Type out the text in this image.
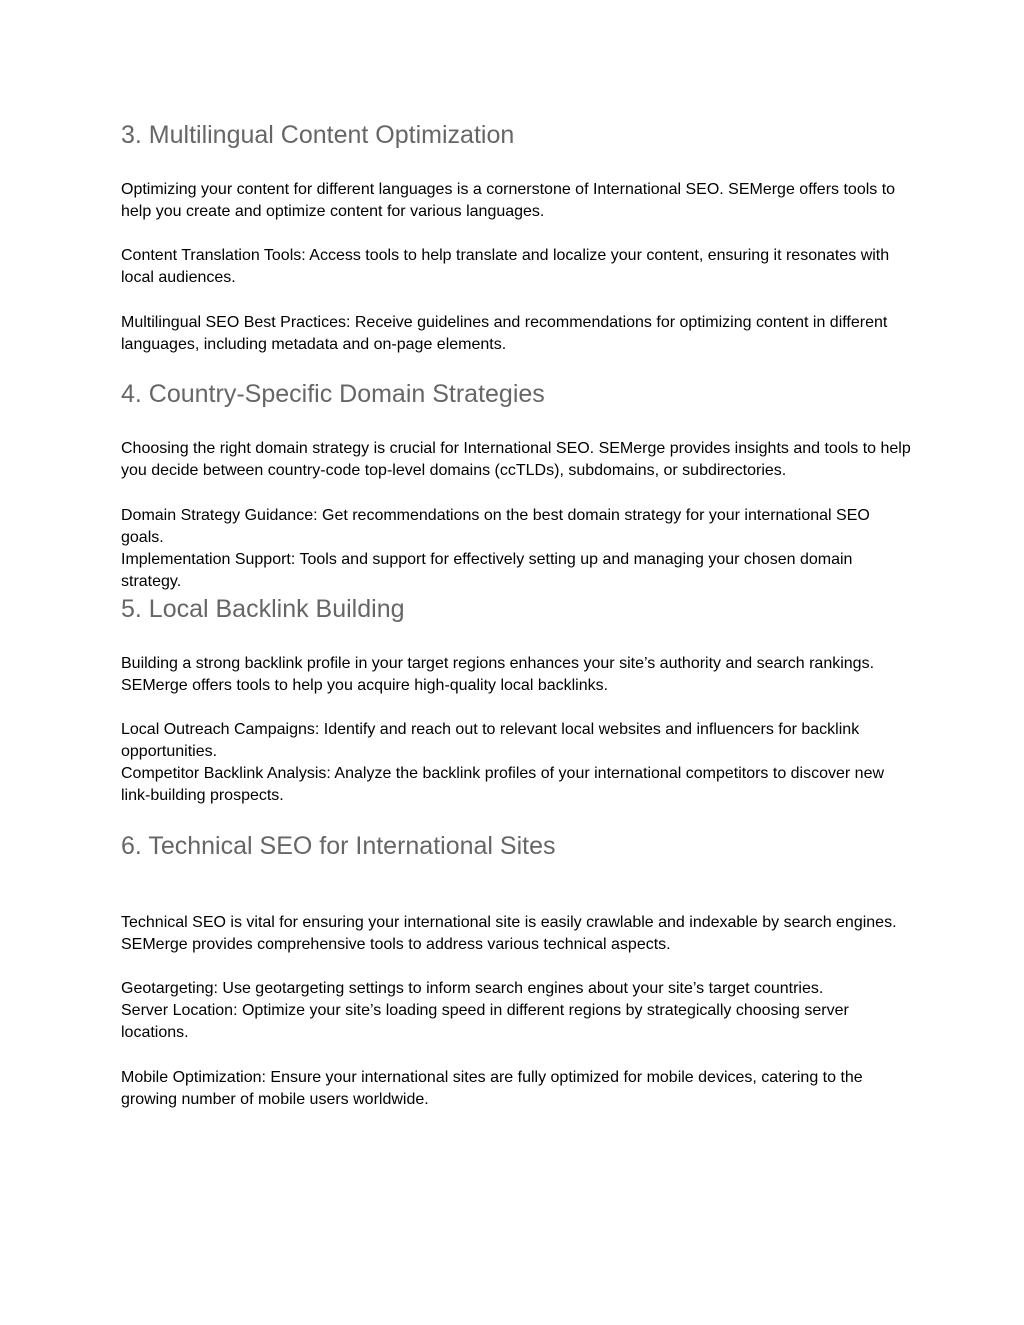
3. Multilingual Content Optimization

Optimizing your content for different languages is a cornerstone of International SEO. SEMerge offers tools to help you create and optimize content for various languages.

Content Translation Tools: Access tools to help translate and localize your content, ensuring it resonates with local audiences.

Multilingual SEO Best Practices: Receive guidelines and recommendations for optimizing content in different languages, including metadata and on-page elements.

4. Country-Specific Domain Strategies

Choosing the right domain strategy is crucial for International SEO. SEMerge provides insights and tools to help you decide between country-code top-level domains (ccTLDs), subdomains, or subdirectories.

Domain Strategy Guidance: Get recommendations on the best domain strategy for your international SEO goals.

Implementation Support: Tools and support for effectively setting up and managing your chosen domain strategy.

5. Local Backlink Building

Building a strong backlink profile in your target regions enhances your site’s authority and search rankings. SEMerge offers tools to help you acquire high-quality local backlinks.

Local Outreach Campaigns: Identify and reach out to relevant local websites and influencers for backlink opportunities.

Competitor Backlink Analysis: Analyze the backlink profiles of your international competitors to discover new link-building prospects.

6. Technical SEO for International Sites

Technical SEO is vital for ensuring your international site is easily crawlable and indexable by search engines. SEMerge provides comprehensive tools to address various technical aspects.

Geotargeting: Use geotargeting settings to inform search engines about your site’s target countries.

Server Location: Optimize your site’s loading speed in different regions by strategically choosing server locations.

Mobile Optimization: Ensure your international sites are fully optimized for mobile devices, catering to the growing number of mobile users worldwide.
